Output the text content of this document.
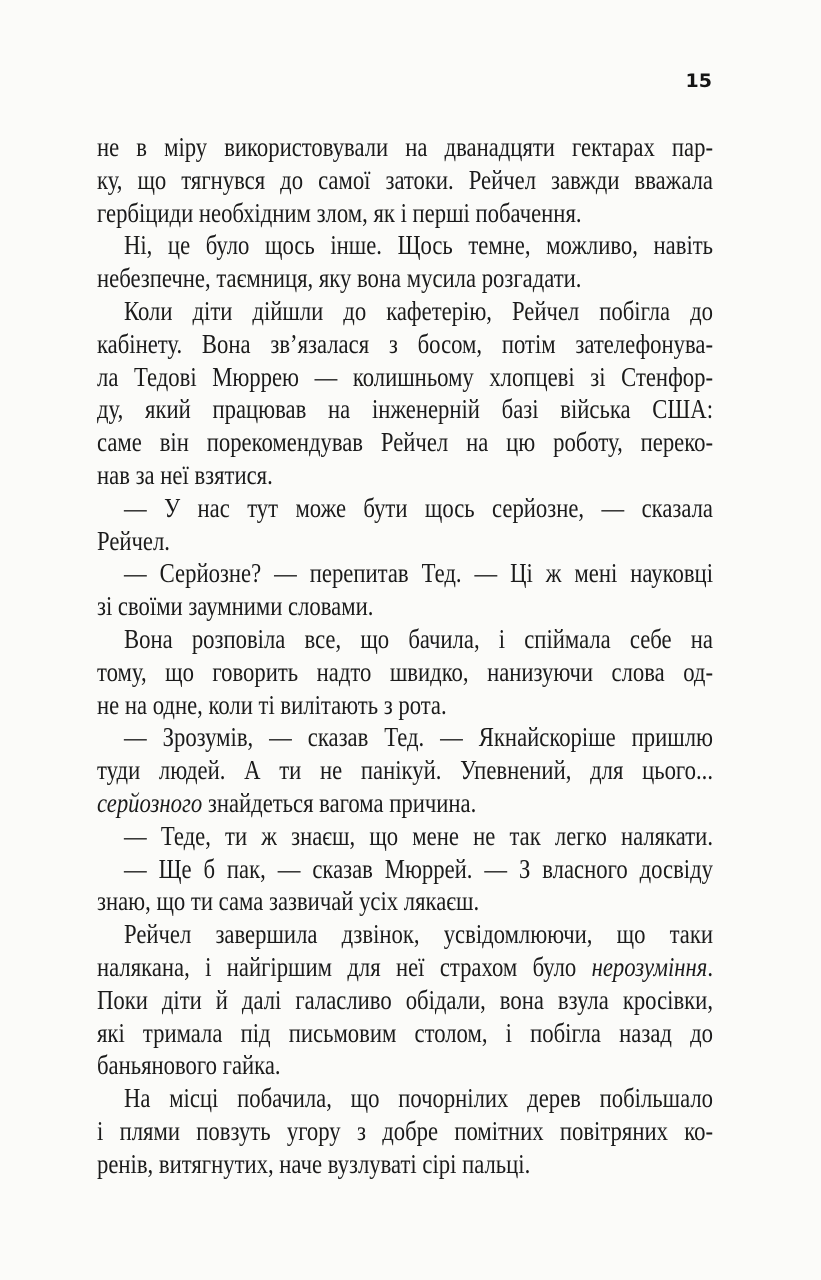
15
не в міру використовували на дванадцяти гектарах пар-
ку, що тягнувся до самої затоки. Рейчел завжди вважала
гербіциди необхідним злом, як і перші побачення.
Ні, це було щось інше. Щось темне, можливо, навіть
небезпечне, таємниця, яку вона мусила розгадати.
Коли діти дійшли до кафетерію, Рейчел побігла до
кабінету. Вона зв’язалася з босом, потім зателефонува-
ла Тедові Мюррею — колишньому хлопцеві зі Стенфор-
ду, який працював на інженерній базі війська США:
саме він порекомендував Рейчел на цю роботу, переко-
нав за неї взятися.
— У нас тут може бути щось серйозне, — сказала
Рейчел.
— Серйозне? — перепитав Тед. — Ці ж мені науковці
зі своїми заумними словами.
Вона розповіла все, що бачила, і спіймала себе на
тому, що говорить надто швидко, нанизуючи слова од-
не на одне, коли ті вилітають з рота.
— Зрозумів, — сказав Тед. — Якнайскоріше пришлю
туди людей. А ти не панікуй. Упевнений, для цього...
серйозного знайдеться вагома причина.
— Теде, ти ж знаєш, що мене не так легко налякати.
— Ще б пак, — сказав Мюррей. — З власного досвіду
знаю, що ти сама зазвичай усіх лякаєш.
Рейчел завершила дзвінок, усвідомлюючи, що таки
налякана, і найгіршим для неї страхом було нерозуміння.
Поки діти й далі галасливо обідали, вона взула кросівки,
які тримала під письмовим столом, і побігла назад до
баньянового гайка.
На місці побачила, що почорнілих дерев побільшало
і плями повзуть угору з добре помітних повітряних ко-
ренів, витягнутих, наче вузлуваті сірі пальці.
